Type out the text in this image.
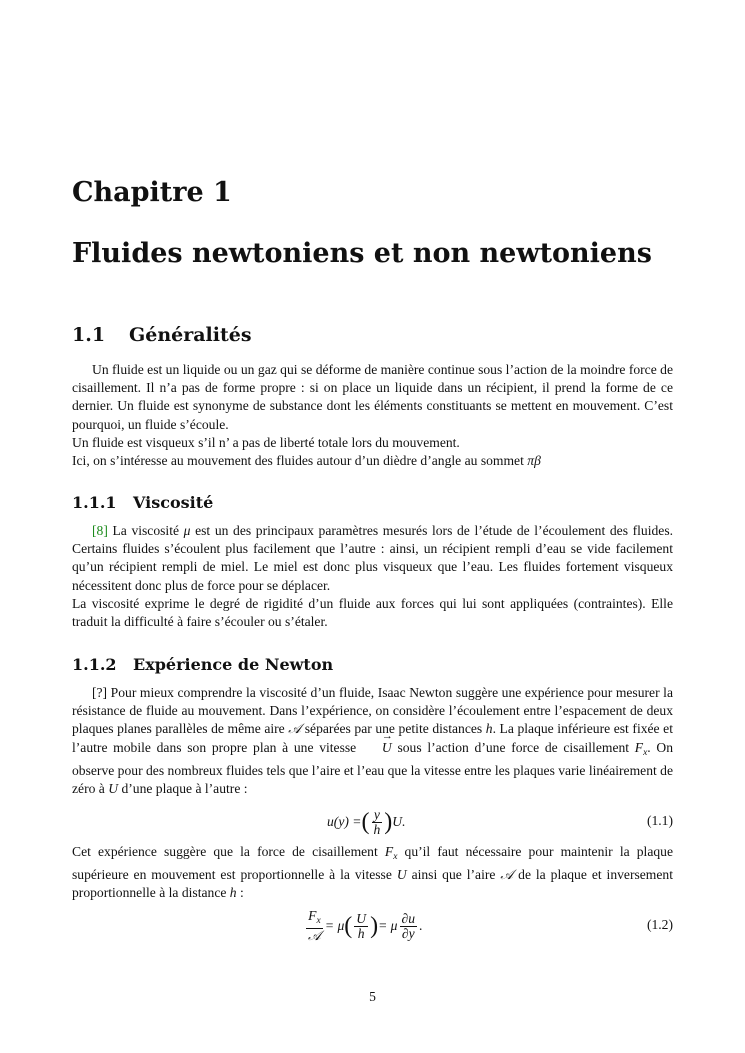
Chapitre 1
Fluides newtoniens et non newtoniens
1.1 Généralités

Un fluide est un liquide ou un gaz qui se déforme de manière continue sous l’action de la moindre force de cisaillement. Il n’a pas de forme propre : si on place un liquide dans un récipient, il prend la forme de ce dernier. Un fluide est synonyme de substance dont les éléments constituants se mettent en mouvement. C’est pourquoi, un fluide s’écoule.

Un fluide est visqueux s’il n’ a pas de liberté totale lors du mouvement.

Ici, on s’intéresse au mouvement des fluides autour d’un dièdre d’angle au sommet πβ

1.1.1 Viscosité

[8] La viscosité μ est un des principaux paramètres mesurés lors de l’étude de l’écoulement des fluides. Certains fluides s’écoulent plus facilement que l’autre : ainsi, un récipient rempli d’eau se vide facilement qu’un récipient rempli de miel. Le miel est donc plus visqueux que l’eau. Les fluides fortement visqueux nécessitent donc plus de force pour se déplacer.

La viscosité exprime le degré de rigidité d’un fluide aux forces qui lui sont appliquées (contraintes). Elle traduit la difficulté à faire s’écouler ou s’étaler.

1.1.2 Expérience de Newton

[?] Pour mieux comprendre la viscosité d’un fluide, Isaac Newton suggère une expérience pour mesurer la résistance de fluide au mouvement. Dans l’expérience, on considère l’écoulement entre l’espacement de deux plaques planes parallèles de même aire 𝒜 séparées par une petite distances h. La plaque inférieure est fixée et l’autre mobile dans son propre plan à une vitesse → U sous l’action d’une force de cisaillement $F_x$. On observe pour des nombreux fluides tels que l’aire et l’eau que la vitesse entre les plaques varie linéairement de zéro à U d’une plaque à l’autre :

u(y) = ( $\frac{y}{h}$ ) U.	(1.1)

Cet expérience suggère que la force de cisaillement $F_x$ qu’il faut nécessaire pour maintenir la plaque supérieure en mouvement est proportionnelle à la vitesse U ainsi que l’aire 𝒜 de la plaque et inversement proportionnelle à la distance h :

$\frac{F_x}{\text{𝒜}} = \mu$ ( $\frac{U}{h}$ ) = μ $\frac{\partial u}{\partial y}$ .	(1.2)
5
